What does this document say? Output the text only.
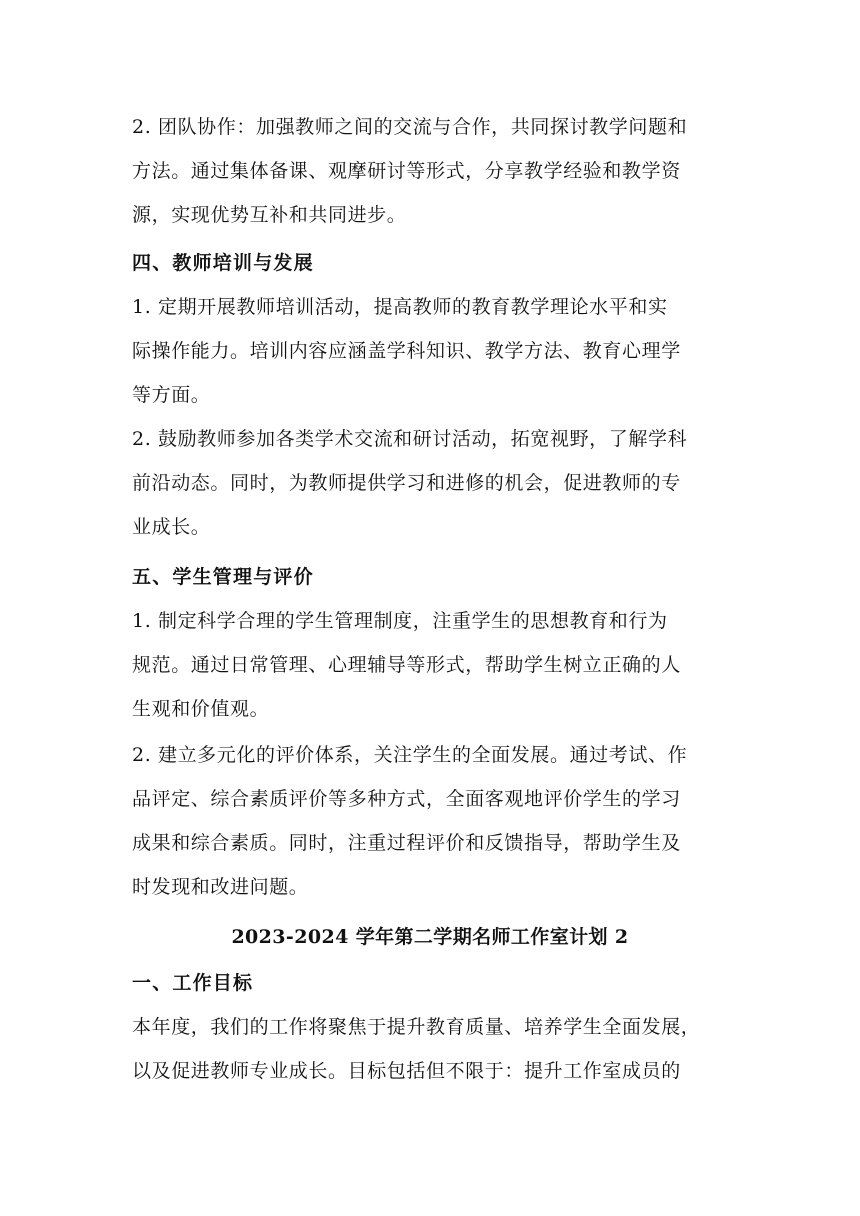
2. 团队协作：加强教师之间的交流与合作，共同探讨教学问题和
方法。通过集体备课、观摩研讨等形式，分享教学经验和教学资
源，实现优势互补和共同进步。
四、教师培训与发展
1. 定期开展教师培训活动，提高教师的教育教学理论水平和实
际操作能力。培训内容应涵盖学科知识、教学方法、教育心理学
等方面。
2. 鼓励教师参加各类学术交流和研讨活动，拓宽视野，了解学科
前沿动态。同时，为教师提供学习和进修的机会，促进教师的专
业成长。
五、学生管理与评价
1. 制定科学合理的学生管理制度，注重学生的思想教育和行为
规范。通过日常管理、心理辅导等形式，帮助学生树立正确的人
生观和价值观。
2. 建立多元化的评价体系，关注学生的全面发展。通过考试、作
品评定、综合素质评价等多种方式，全面客观地评价学生的学习
成果和综合素质。同时，注重过程评价和反馈指导，帮助学生及
时发现和改进问题。
2023-2024 学年第二学期名师工作室计划 2
一、工作目标
本年度，我们的工作将聚焦于提升教育质量、培养学生全面发展，
以及促进教师专业成长。目标包括但不限于：提升工作室成员的
